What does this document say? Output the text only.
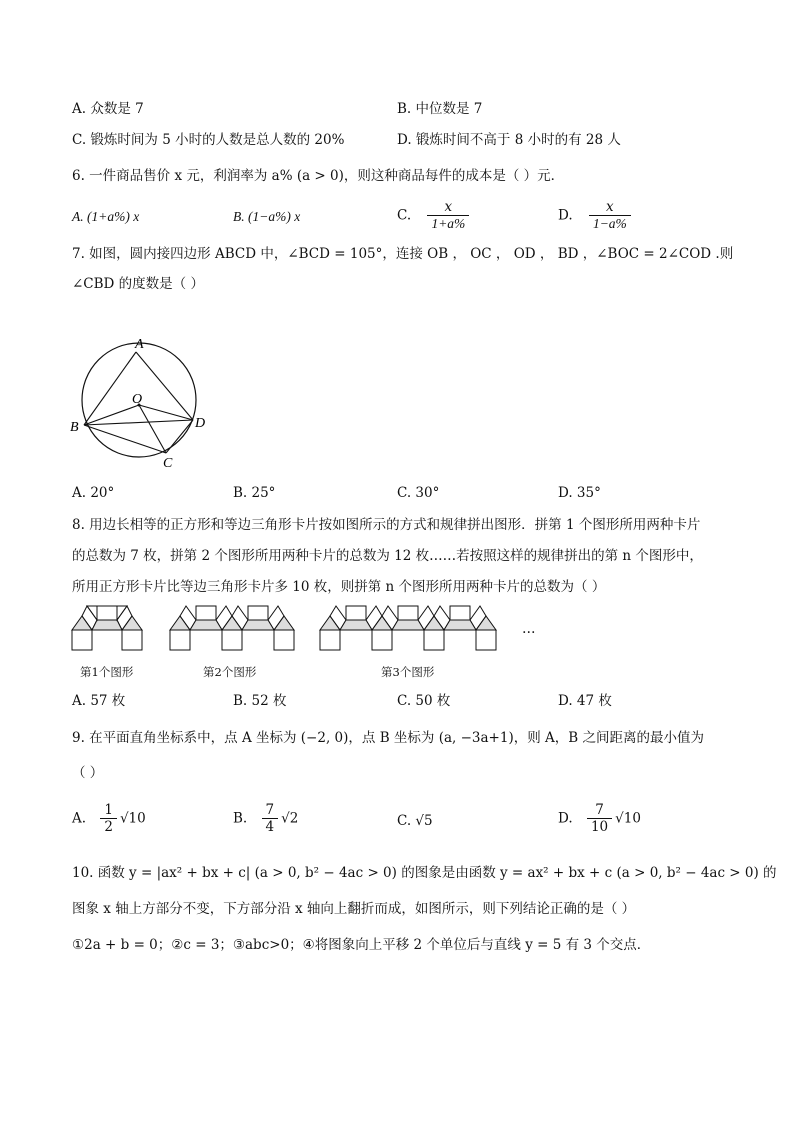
A. 众数是 7	B. 中位数是 7
C. 锻炼时间为 5 小时的人数是总人数的 20%	D. 锻炼时间不高于 8 小时的有 28 人
6. 一件商品售价 x 元，利润率为 a% (a > 0)，则这种商品每件的成本是（ ）元．
A. (1+a%) x	B. (1−a%) x	C. $\frac{x}{1+a\%}$	D. $\frac{x}{1-a\%}$
7. 如图，圆内接四边形 ABCD 中，∠BCD = 105°，连接 OB ， OC ， OD ， BD ，∠BOC = 2∠COD .则
∠CBD 的度数是（ ）
A
B
C
D
O
A. 20°	B. 25°	C. 30°	D. 35°
8. 用边长相等的正方形和等边三角形卡片按如图所示的方式和规律拼出图形．拼第 1 个图形所用两种卡片
的总数为 7 枚，拼第 2 个图形所用两种卡片的总数为 12 枚……若按照这样的规律拼出的第 n 个图形中，
所用正方形卡片比等边三角形卡片多 10 枚，则拼第 n 个图形所用两种卡片的总数为（ ）
…
第1个图形	第2个图形	第3个图形
A. 57 枚	B. 52 枚	C. 50 枚	D. 47 枚
9. 在平面直角坐标系中，点 A 坐标为 (−2, 0)，点 B 坐标为 (a, −3a+1)，则 A，B 之间距离的最小值为
（ ）
A. $\frac{1}{2} √10$	B. $\frac{7}{4} √2$	C. √5	D. $\frac{7}{10} √10$
10. 函数 y = |ax² + bx + c| (a > 0, b² − 4ac > 0) 的图象是由函数 y = ax² + bx + c (a > 0, b² − 4ac > 0) 的
图象 x 轴上方部分不变，下方部分沿 x 轴向上翻折而成，如图所示，则下列结论正确的是（ ）
①2a + b = 0；②c = 3；③abc>0；④将图象向上平移 2 个单位后与直线 y = 5 有 3 个交点．
